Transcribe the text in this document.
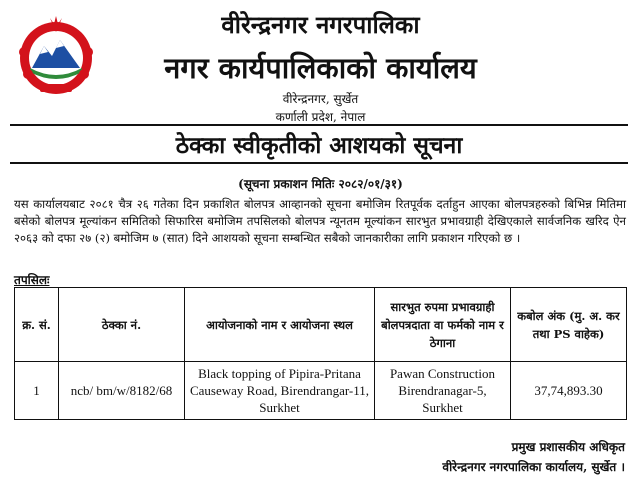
वीरेन्द्रनगर नगरपालिका
नगर कार्यपालिकाको कार्यालय
वीरेन्द्रनगर, सुर्खेत
कर्णाली प्रदेश, नेपाल
ठेक्का स्वीकृतीको आशयको सूचना
(सूचना प्रकाशन मितिः २०८२/०१/३१)

यस कार्यालयबाट २०८१ चैत्र २६ गतेका दिन प्रकाशित बोलपत्र आव्हानको सूचना बमोजिम रितपूर्वक दर्ताहुन आएका बोलपत्रहरुको बिभिन्न मितिमा बसेको बोलपत्र मूल्यांकन समितिको सिफारिस बमोजिम तपसिलको बोलपत्र न्यूनतम मूल्यांकन सारभुत प्रभावग्राही देखिएकाले सार्वजनिक खरिद ऐन २०६३ को दफा २७ (२) बमोजिम ७ (सात) दिने आशयको सूचना सम्बन्धित सबैको जानकारीका लागि प्रकाशन गरिएको छ ।

तपसिलः
क्र. सं.	ठेक्का नं.	आयोजनाको नाम र आयोजना स्थल	सारभुत रुपमा प्रभावग्राही बोलपत्रदाता वा फर्मको नाम र ठेगाना	कबोल अंक (मु. अ. कर तथा PS वाहेक)
1	ncb/ bm/w/8182/68	Black topping of Pipira-Pritana Causeway Road, Birendrangar-11, Surkhet	Pawan Construction Birendranagar-5, Surkhet	37,74,893.30
प्रमुख प्रशासकीय अधिकृत
वीरेन्द्रनगर नगरपालिका कार्यालय, सुर्खेत ।
